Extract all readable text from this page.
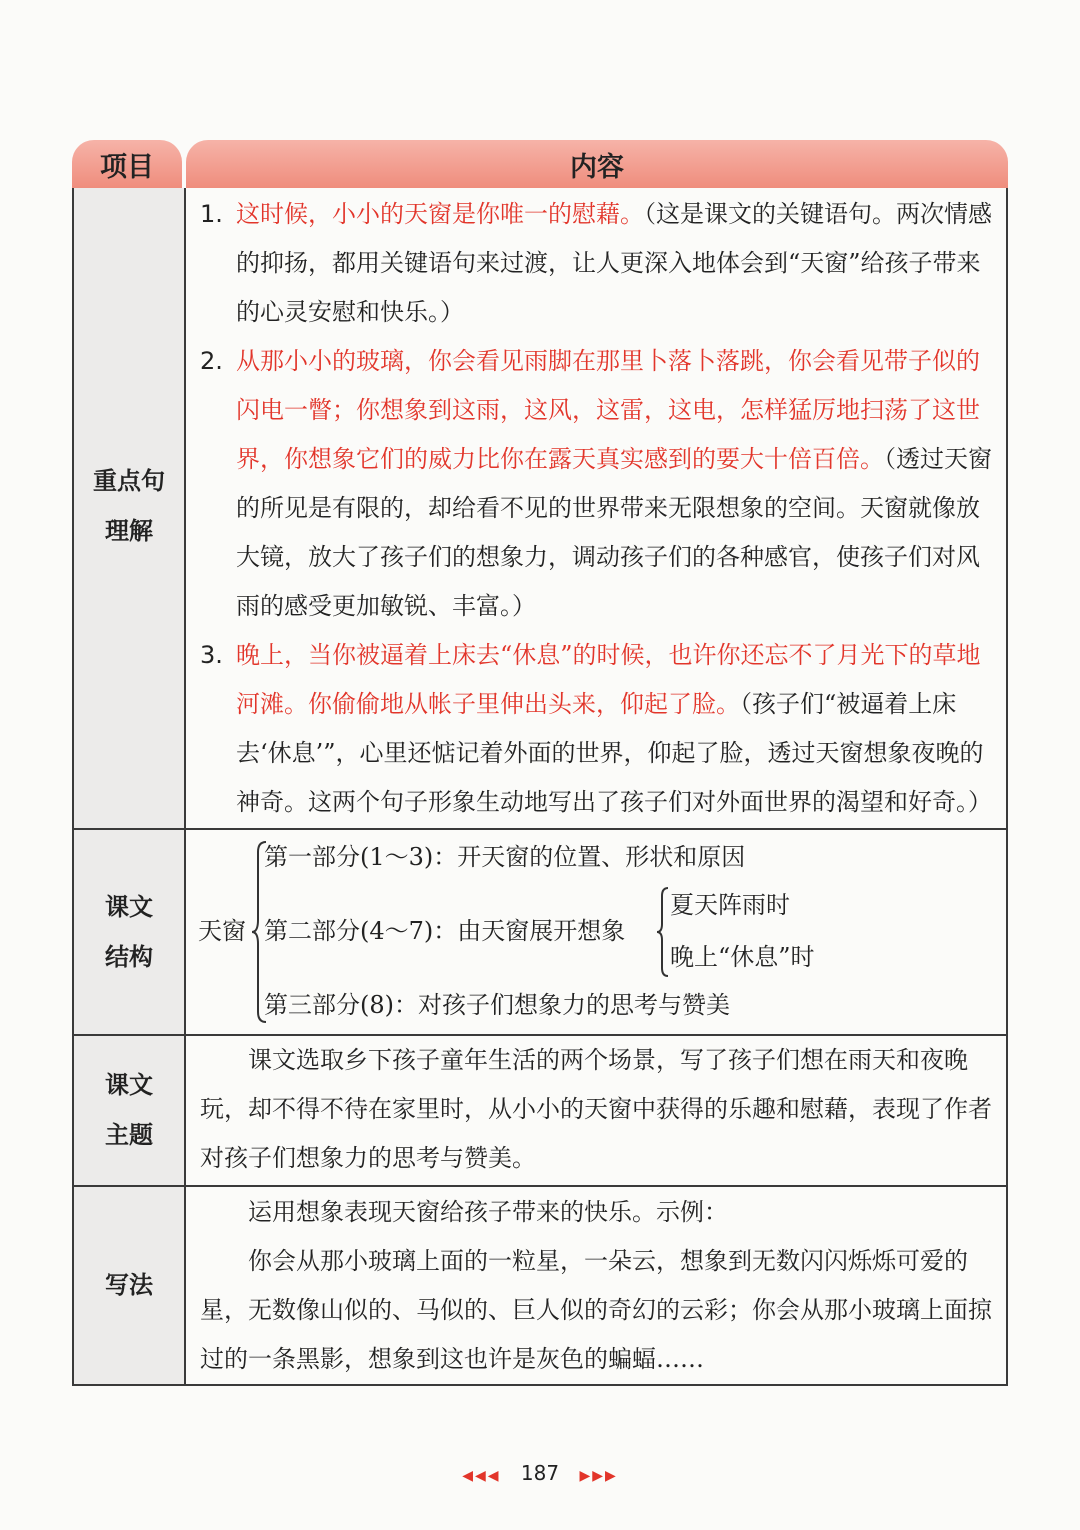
项目	内容
重点句
理解
1. 这时候，小小的天窗是你唯一的慰藉。（这是课文的关键语句。两次情感的抑扬，都用关键语句来过渡，让人更深入地体会到“天窗”给孩子带来的心灵安慰和快乐。）
2. 从那小小的玻璃，你会看见雨脚在那里卜落卜落跳，你会看见带子似的闪电一瞥；你想象到这雨，这风，这雷，这电，怎样猛厉地扫荡了这世界，你想象它们的威力比你在露天真实感到的要大十倍百倍。（透过天窗的所见是有限的，却给看不见的世界带来无限想象的空间。天窗就像放大镜，放大了孩子们的想象力，调动孩子们的各种感官，使孩子们对风雨的感受更加敏锐、丰富。）
3. 晚上，当你被逼着上床去“休息”的时候，也许你还忘不了月光下的草地河滩。你偷偷地从帐子里伸出头来，仰起了脸。（孩子们“被逼着上床去‘休息’”，心里还惦记着外面的世界，仰起了脸，透过天窗想象夜晚的神奇。这两个句子形象生动地写出了孩子们对外面世界的渴望和好奇。）
课文
结构
天窗
第一部分(1～3)：开天窗的位置、形状和原因
第二部分(4～7)：由天窗展开想象
第三部分(8)：对孩子们想象力的思考与赞美
夏天阵雨时
晚上“休息”时
课文
主题
课文选取乡下孩子童年生活的两个场景，写了孩子们想在雨天和夜晚玩，却不得不待在家里时，从小小的天窗中获得的乐趣和慰藉，表现了作者对孩子们想象力的思考与赞美。
写法
运用想象表现天窗给孩子带来的快乐。示例：
你会从那小玻璃上面的一粒星，一朵云，想象到无数闪闪烁烁可爱的星，无数像山似的、马似的、巨人似的奇幻的云彩；你会从那小玻璃上面掠过的一条黑影，想象到这也许是灰色的蝙蝠……
◀◀◀ 187 ▶▶▶
